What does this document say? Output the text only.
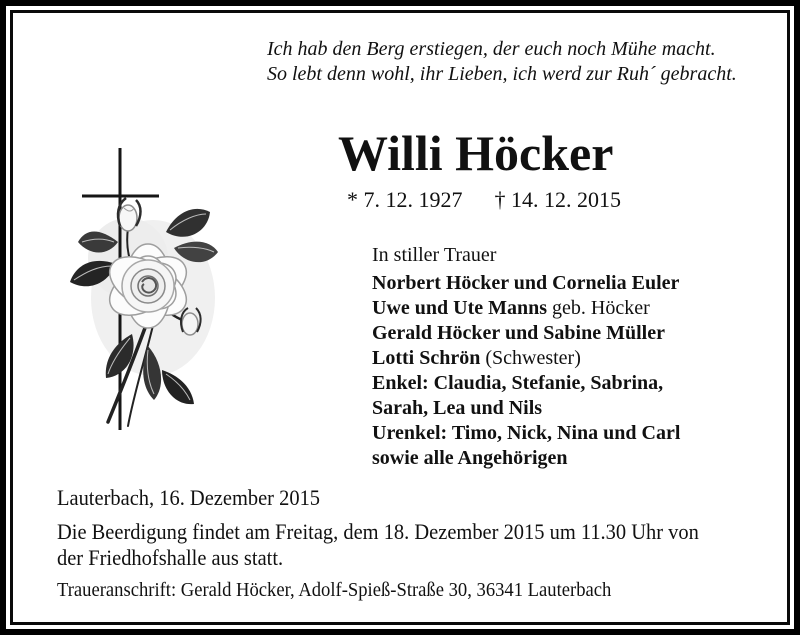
Ich hab den Berg erstiegen, der euch noch Mühe macht.
So lebt denn wohl, ihr Lieben, ich werd zur Ruh´ gebracht.
Willi Höcker
* 7. 12. 1927 † 14. 12. 2015
In stiller Trauer
Norbert Höcker und Cornelia Euler
Uwe und Ute Manns geb. Höcker
Gerald Höcker und Sabine Müller
Lotti Schrön (Schwester)
Enkel: Claudia, Stefanie, Sabrina,
Sarah, Lea und Nils
Urenkel: Timo, Nick, Nina und Carl
sowie alle Angehörigen
Lauterbach, 16. Dezember 2015
Die Beerdigung findet am Freitag, dem 18. Dezember 2015 um 11.30 Uhr von
der Friedhofshalle aus statt.
Traueranschrift: Gerald Höcker, Adolf-Spieß-Straße 30, 36341 Lauterbach
